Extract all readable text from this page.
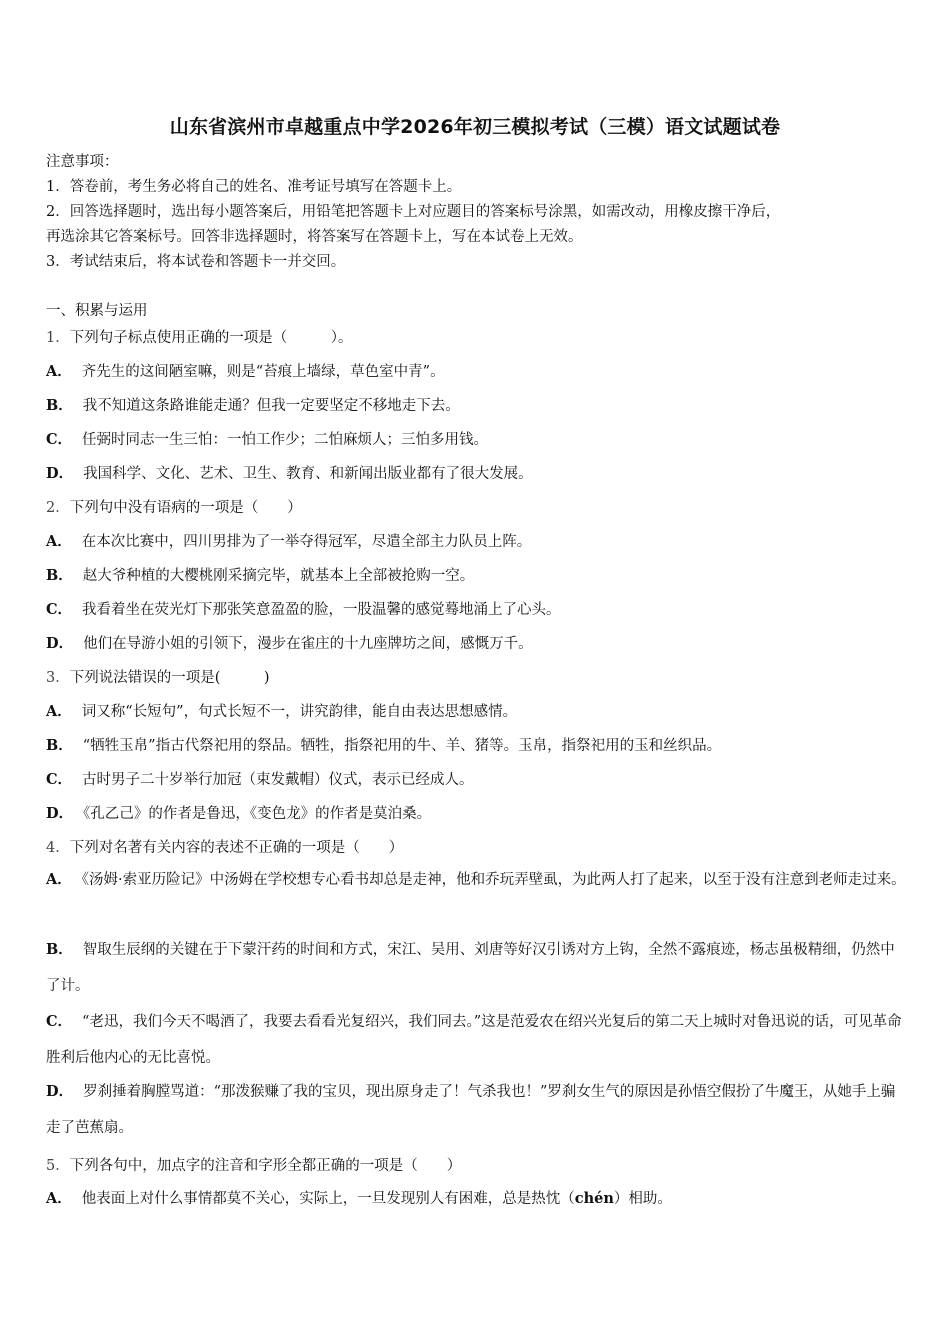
山东省滨州市卓越重点中学2026年初三模拟考试（三模）语文试题试卷
注意事项：
1．答卷前，考生务必将自己的姓名、准考证号填写在答题卡上。
2．回答选择题时，选出每小题答案后，用铅笔把答题卡上对应题目的答案标号涂黑，如需改动，用橡皮擦干净后，
再选涂其它答案标号。回答非选择题时，将答案写在答题卡上，写在本试卷上无效。
3．考试结束后，将本试卷和答题卡一并交回。
一、积累与运用
1．下列句子标点使用正确的一项是（　　　）。
A． 齐先生的这间陋室嘛，则是“苔痕上墙绿，草色室中青”。
B． 我不知道这条路谁能走通？但我一定要坚定不移地走下去。
C． 任弼时同志一生三怕：一怕工作少；二怕麻烦人；三怕多用钱。
D． 我国科学、文化、艺术、卫生、教育、和新闻出版业都有了很大发展。
2．下列句中没有语病的一项是（　　）
A． 在本次比赛中，四川男排为了一举夺得冠军，尽遣全部主力队员上阵。
B． 赵大爷种植的大樱桃刚采摘完毕，就基本上全部被抢购一空。
C． 我看着坐在荧光灯下那张笑意盈盈的脸，一股温馨的感觉蓦地涌上了心头。
D． 他们在导游小姐的引领下，漫步在雀庄的十九座牌坊之间，感慨万千。
3．下列说法错误的一项是(　　　)
A． 词又称“长短句”，句式长短不一，讲究韵律，能自由表达思想感情。
B． “牺牲玉帛”指古代祭祀用的祭品。牺牲，指祭祀用的牛、羊、猪等。玉帛，指祭祀用的玉和丝织品。
C． 古时男子二十岁举行加冠（束发戴帽）仪式，表示已经成人。
D． 《孔乙己》的作者是鲁迅，《变色龙》的作者是莫泊桑。
4．下列对名著有关内容的表述不正确的一项是（　　）
A． 《汤姆·索亚历险记》中汤姆在学校想专心看书却总是走神，他和乔玩弄壁虱，为此两人打了起来，以至于没有注意到老师走过来。
B． 智取生辰纲的关键在于下蒙汗药的时间和方式，宋江、吴用、刘唐等好汉引诱对方上钩，全然不露痕迹，杨志虽极精细，仍然中了计。
C． “老迅，我们今天不喝酒了，我要去看看光复绍兴，我们同去。”这是范爱农在绍兴光复后的第二天上城时对鲁迅说的话，可见革命胜利后他内心的无比喜悦。
D． 罗刹捶着胸膛骂道：“那泼猴赚了我的宝贝，现出原身走了！气杀我也！”罗刹女生气的原因是孙悟空假扮了牛魔王，从她手上骗走了芭蕉扇。
5．下列各句中，加点字的注音和字形全都正确的一项是（　　）
A． 他表面上对什么事情都莫不关心，实际上，一旦发现别人有困难，总是热忱（chén）相助。
